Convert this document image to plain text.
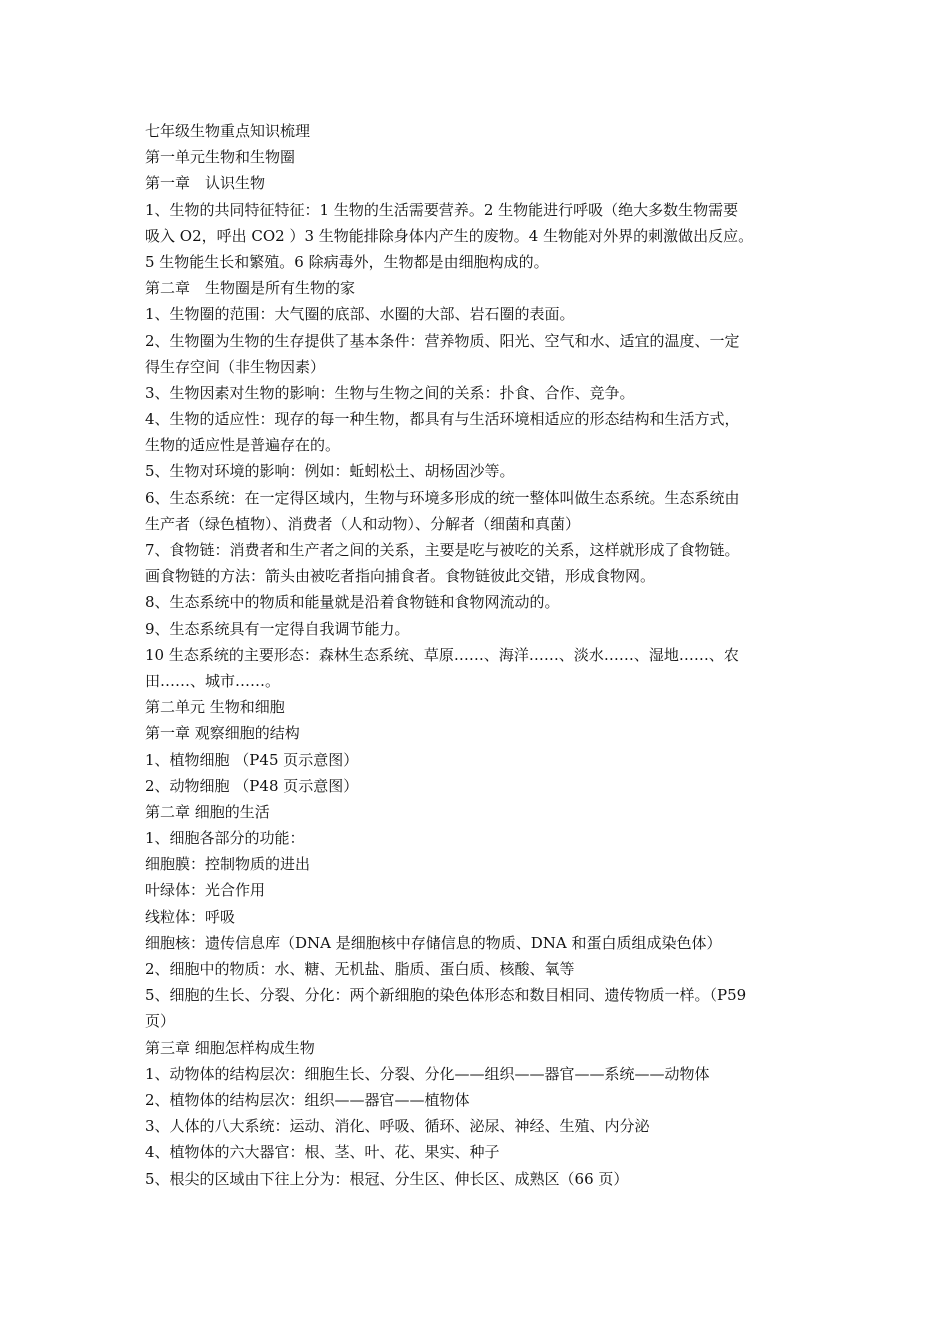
七年级生物重点知识梳理
第一单元生物和生物圈
第一章　认识生物
1、生物的共同特征特征：1 生物的生活需要营养。2 生物能进行呼吸（绝大多数生物需要
吸入 O2，呼出 CO2 ）3 生物能排除身体内产生的废物。4 生物能对外界的刺激做出反应。
5 生物能生长和繁殖。6 除病毒外，生物都是由细胞构成的。
第二章　生物圈是所有生物的家
1、生物圈的范围：大气圈的底部、水圈的大部、岩石圈的表面。
2、生物圈为生物的生存提供了基本条件：营养物质、阳光、空气和水、适宜的温度、一定
得生存空间（非生物因素）
3、生物因素对生物的影响：生物与生物之间的关系：扑食、合作、竞争。
4、生物的适应性：现存的每一种生物，都具有与生活环境相适应的形态结构和生活方式，
生物的适应性是普遍存在的。
5、生物对环境的影响：例如：蚯蚓松土、胡杨固沙等。
6、生态系统：在一定得区域内，生物与环境多形成的统一整体叫做生态系统。生态系统由
生产者（绿色植物）、消费者（人和动物）、分解者（细菌和真菌）
7、食物链：消费者和生产者之间的关系，主要是吃与被吃的关系，这样就形成了食物链。
画食物链的方法：箭头由被吃者指向捕食者。食物链彼此交错，形成食物网。
8、生态系统中的物质和能量就是沿着食物链和食物网流动的。
9、生态系统具有一定得自我调节能力。
10 生态系统的主要形态：森林生态系统、草原……、海洋……、淡水……、湿地……、农
田……、城市……。
第二单元 生物和细胞
第一章 观察细胞的结构
1、植物细胞 （P45 页示意图）
2、动物细胞 （P48 页示意图）
第二章 细胞的生活
1、细胞各部分的功能：
细胞膜：控制物质的进出
叶绿体：光合作用
线粒体：呼吸
细胞核：遗传信息库（DNA 是细胞核中存储信息的物质、DNA 和蛋白质组成染色体）
2、细胞中的物质：水、糖、无机盐、脂质、蛋白质、核酸、氧等
5、细胞的生长、分裂、分化：两个新细胞的染色体形态和数目相同、遗传物质一样。（P59
页）
第三章 细胞怎样构成生物
1、动物体的结构层次：细胞生长、分裂、分化——组织——器官——系统——动物体
2、植物体的结构层次：组织——器官——植物体
3、人体的八大系统：运动、消化、呼吸、循环、泌尿、神经、生殖、内分泌
4、植物体的六大器官：根、茎、叶、花、果实、种子
5、根尖的区域由下往上分为：根冠、分生区、伸长区、成熟区（66 页）
